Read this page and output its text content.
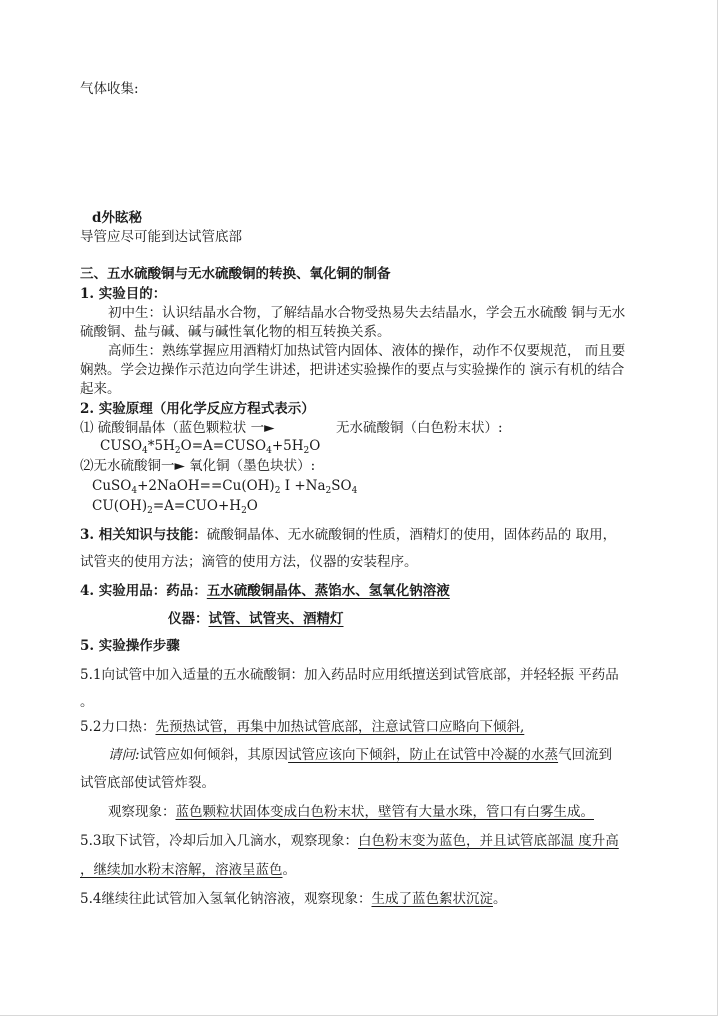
气体收集:
d外眩秘
导管应尽可能到达试管底部
三、五水硫酸铜与无水硫酸铜的转换、氧化铜的制备
1. 实验目的：
初中生：认识结晶水合物，了解结晶水合物受热易失去结晶水，学会五水硫酸 铜与无水
硫酸铜、盐与碱、碱与碱性氧化物的相互转换关系。
高师生：熟练掌握应用酒精灯加热试管内固体、液体的操作，动作不仅要规范， 而且要
娴熟。学会边操作示范边向学生讲述，把讲述实验操作的要点与实验操作的 演示有机的结合
起来。
2. 实验原理（用化学反应方程式表示）
⑴ 硫酸铜晶体（蓝色颗粒状 一►	无水硫酸铜（白色粉末状）:
$CUSO_4*5H_2O=A=CUSO_4+5H_2O$
⑵无水硫酸铜一► 氧化铜（墨色块状）:
$CuSO_4+2NaOH==Cu(OH)_2$ $I +Na_2SO_4$
$CU(OH)_2=A=CUO+H_2O$
3. 相关知识与技能：硫酸铜晶体、无水硫酸铜的性质，酒精灯的使用，固体药品的 取用，
试管夹的使用方法；滴管的使用方法，仪器的安装程序。
4. 实验用品：药品：五水硫酸铜晶体、蒸馅水、氢氧化钠溶液
仪器：试管、试管夹、酒精灯
5. 实验操作步骤
5.1向试管中加入适量的五水硫酸铜：加入药品时应用纸擅送到试管底部，并轻轻振 平药品
。
5.2力口热：先预热试管，再集中加热试管底部，注意试管口应略向下倾斜,
请问:试管应如何倾斜，其原因试管应该向下倾斜，防止在试管中冷凝的水蒸气回流到
试管底部使试管炸裂。
观察现象：蓝色颗粒状固体变成白色粉末状，壁管有大量水珠，管口有白雾生成。
5.3取下试管，冷却后加入几滴水，观察现象：白色粉末变为蓝色，并且试管底部温 度升高
，继续加水粉末溶解，溶液呈蓝色。
5.4继续往此试管加入氢氧化钠溶液，观察现象：生成了蓝色絮状沉淀。
